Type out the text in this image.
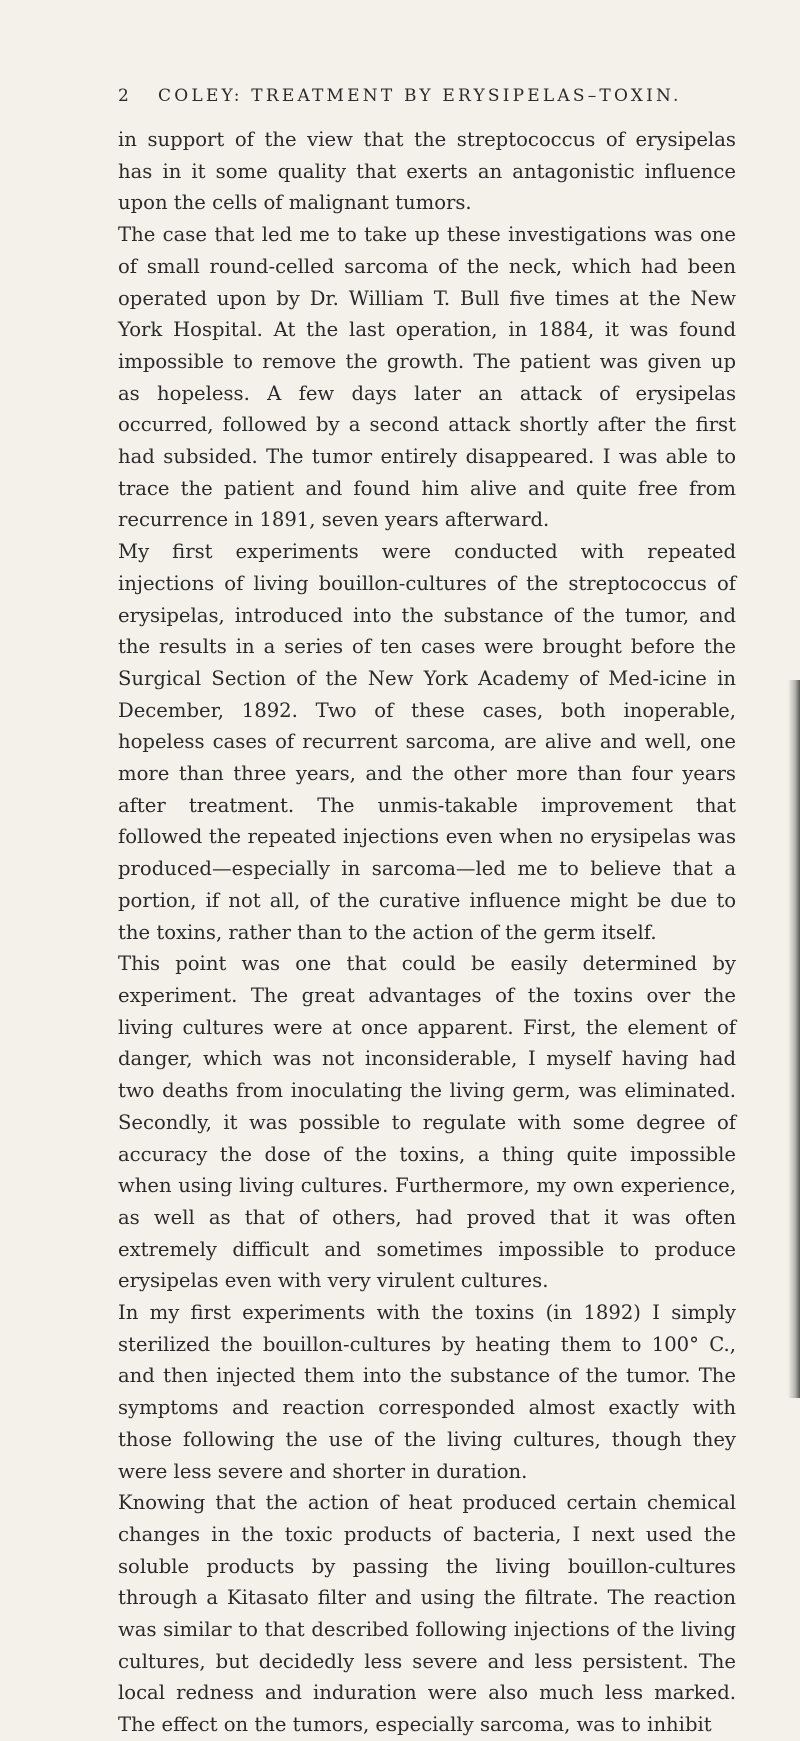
2 COLEY: TREATMENT BY ERYSIPELAS–TOXIN.

in support of the view that the streptococcus of erysipelas has in it some quality that exerts an antagonistic influence upon the cells of malignant tumors.

The case that led me to take up these investigations was one of small round-celled sarcoma of the neck, which had been operated upon by Dr. William T. Bull five times at the New York Hospital. At the last operation, in 1884, it was found impossible to remove the growth. The patient was given up as hopeless. A few days later an attack of erysipelas occurred, followed by a second attack shortly after the first had subsided. The tumor entirely disappeared. I was able to trace the patient and found him alive and quite free from recurrence in 1891, seven years afterward.

My first experiments were conducted with repeated injections of living bouillon-cultures of the streptococcus of erysipelas, introduced into the substance of the tumor, and the results in a series of ten cases were brought before the Surgical Section of the New York Academy of Med-icine in December, 1892. Two of these cases, both inoperable, hopeless cases of recurrent sarcoma, are alive and well, one more than three years, and the other more than four years after treatment. The unmis-takable improvement that followed the repeated injections even when no erysipelas was produced—especially in sarcoma—led me to believe that a portion, if not all, of the curative influence might be due to the toxins, rather than to the action of the germ itself.

This point was one that could be easily determined by experiment. The great advantages of the toxins over the living cultures were at once apparent. First, the element of danger, which was not inconsiderable, I myself having had two deaths from inoculating the living germ, was eliminated. Secondly, it was possible to regulate with some degree of accuracy the dose of the toxins, a thing quite impossible when using living cultures. Furthermore, my own experience, as well as that of others, had proved that it was often extremely difficult and sometimes impossible to produce erysipelas even with very virulent cultures.

In my first experiments with the toxins (in 1892) I simply sterilized the bouillon-cultures by heating them to 100° C., and then injected them into the substance of the tumor. The symptoms and reaction corresponded almost exactly with those following the use of the living cultures, though they were less severe and shorter in duration.

Knowing that the action of heat produced certain chemical changes in the toxic products of bacteria, I next used the soluble products by passing the living bouillon-cultures through a Kitasato filter and using the filtrate. The reaction was similar to that described following injections of the living cultures, but decidedly less severe and less persistent. The local redness and induration were also much less marked. The effect on the tumors, especially sarcoma, was to inhibit
